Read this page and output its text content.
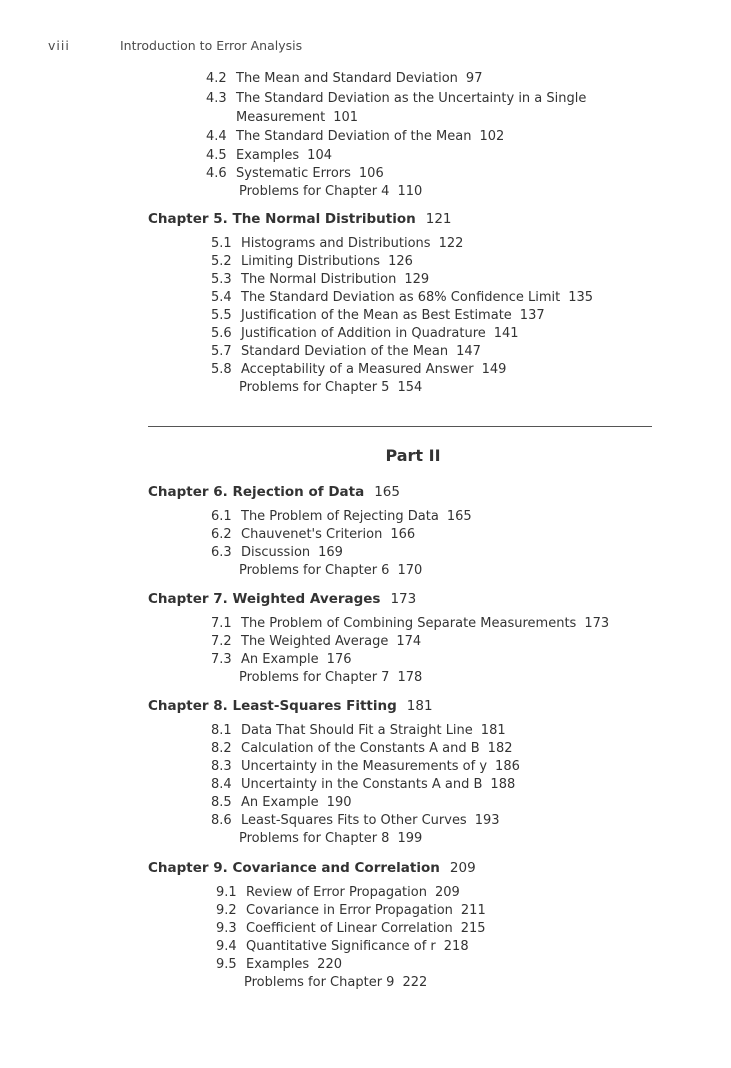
viii	Introduction to Error Analysis
4.2 The Mean and Standard Deviation 97
4.3 The Standard Deviation as the Uncertainty in a Single
Measurement 101
4.4 The Standard Deviation of the Mean 102
4.5 Examples 104
4.6 Systematic Errors 106
Problems for Chapter 4 110
Chapter 5. The Normal Distribution 121
5.1 Histograms and Distributions 122
5.2 Limiting Distributions 126
5.3 The Normal Distribution 129
5.4 The Standard Deviation as 68% Confidence Limit 135
5.5 Justification of the Mean as Best Estimate 137
5.6 Justification of Addition in Quadrature 141
5.7 Standard Deviation of the Mean 147
5.8 Acceptability of a Measured Answer 149
Problems for Chapter 5 154
Part II
Chapter 6. Rejection of Data 165
6.1 The Problem of Rejecting Data 165
6.2 Chauvenet's Criterion 166
6.3 Discussion 169
Problems for Chapter 6 170
Chapter 7. Weighted Averages 173
7.1 The Problem of Combining Separate Measurements 173
7.2 The Weighted Average 174
7.3 An Example 176
Problems for Chapter 7 178
Chapter 8. Least-Squares Fitting 181
8.1 Data That Should Fit a Straight Line 181
8.2 Calculation of the Constants A and B 182
8.3 Uncertainty in the Measurements of y 186
8.4 Uncertainty in the Constants A and B 188
8.5 An Example 190
8.6 Least-Squares Fits to Other Curves 193
Problems for Chapter 8 199
Chapter 9. Covariance and Correlation 209
9.1 Review of Error Propagation 209
9.2 Covariance in Error Propagation 211
9.3 Coefficient of Linear Correlation 215
9.4 Quantitative Significance of r 218
9.5 Examples 220
Problems for Chapter 9 222
